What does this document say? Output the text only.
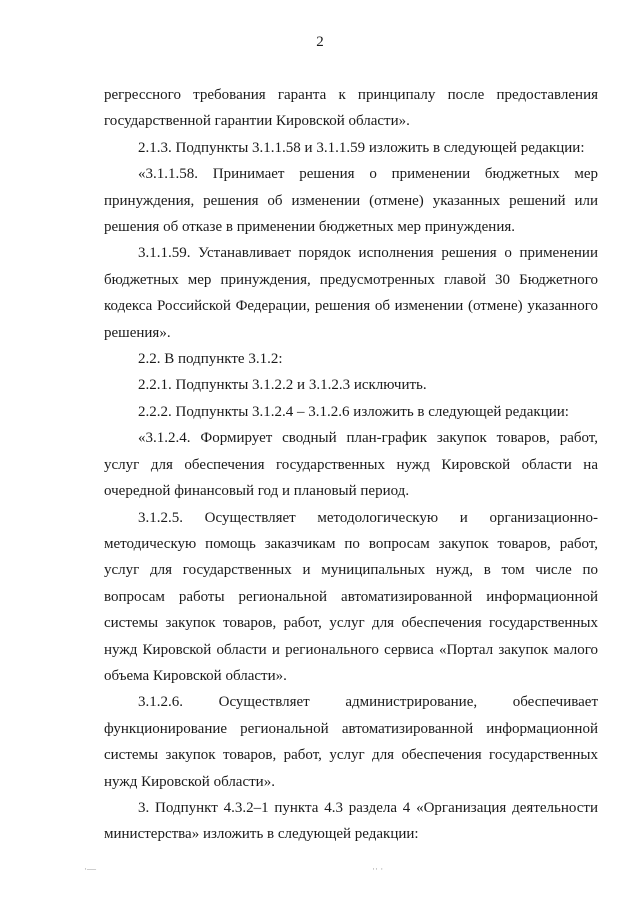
2

регрессного требования гаранта к принципалу после предоставления государственной гарантии Кировской области».

2.1.3. Подпункты 3.1.1.58 и 3.1.1.59 изложить в следующей редакции:

«3.1.1.58. Принимает решения о применении бюджетных мер принуждения, решения об изменении (отмене) указанных решений или решения об отказе в применении бюджетных мер принуждения.

3.1.1.59. Устанавливает порядок исполнения решения о применении бюджетных мер принуждения, предусмотренных главой 30 Бюджетного кодекса Российской Федерации, решения об изменении (отмене) указанного решения».

2.2. В подпункте 3.1.2:

2.2.1. Подпункты 3.1.2.2 и 3.1.2.3 исключить.

2.2.2. Подпункты 3.1.2.4 – 3.1.2.6 изложить в следующей редакции:

«3.1.2.4. Формирует сводный план-график закупок товаров, работ, услуг для обеспечения государственных нужд Кировской области на очередной финансовый год и плановый период.

3.1.2.5. Осуществляет методологическую и организационно-методическую помощь заказчикам по вопросам закупок товаров, работ, услуг для государственных и муниципальных нужд, в том числе по вопросам работы региональной автоматизированной информационной системы закупок товаров, работ, услуг для обеспечения государственных нужд Кировской области и регионального сервиса «Портал закупок малого объема Кировской области».

3.1.2.6. Осуществляет администрирование, обеспечивает функционирование региональной автоматизированной информационной системы закупок товаров, работ, услуг для обеспечения государственных нужд Кировской области».

3. Подпункт 4.3.2–1 пункта 4.3 раздела 4 «Организация деятельности министерства» изложить в следующей редакции:

·—	·· ·
